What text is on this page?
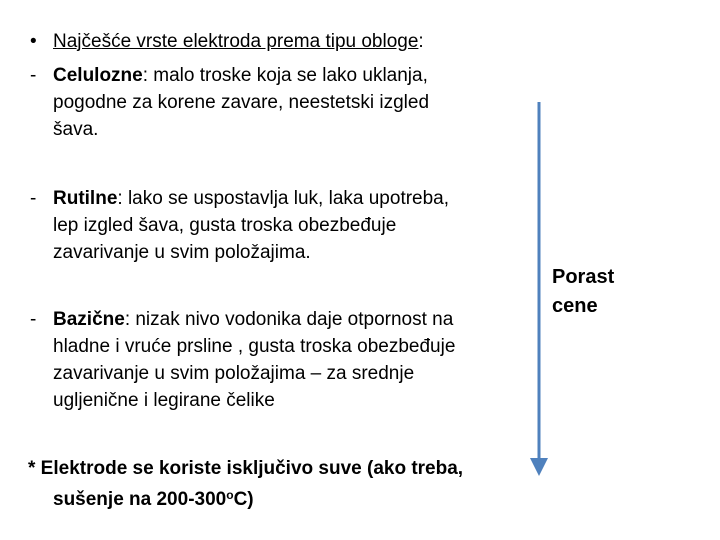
• Najčešće vrste elektroda prema tipu obloge:
- Celulozne: malo troske koja se lako uklanja,
pogodne za korene zavare, neestetski izgled
šava.
- Rutilne: lako se uspostavlja luk, laka upotreba,
lep izgled šava, gusta troska obezbeđuje
zavarivanje u svim položajima.
- Bazične: nizak nivo vodonika daje otpornost na
hladne i vruće prsline , gusta troska obezbeđuje
zavarivanje u svim položajima – za srednje
ugljenične i legirane čelike
* Elektrode se koriste isključivo suve (ako treba,
sušenje na 200-300$^o$C)
Porast
cene
